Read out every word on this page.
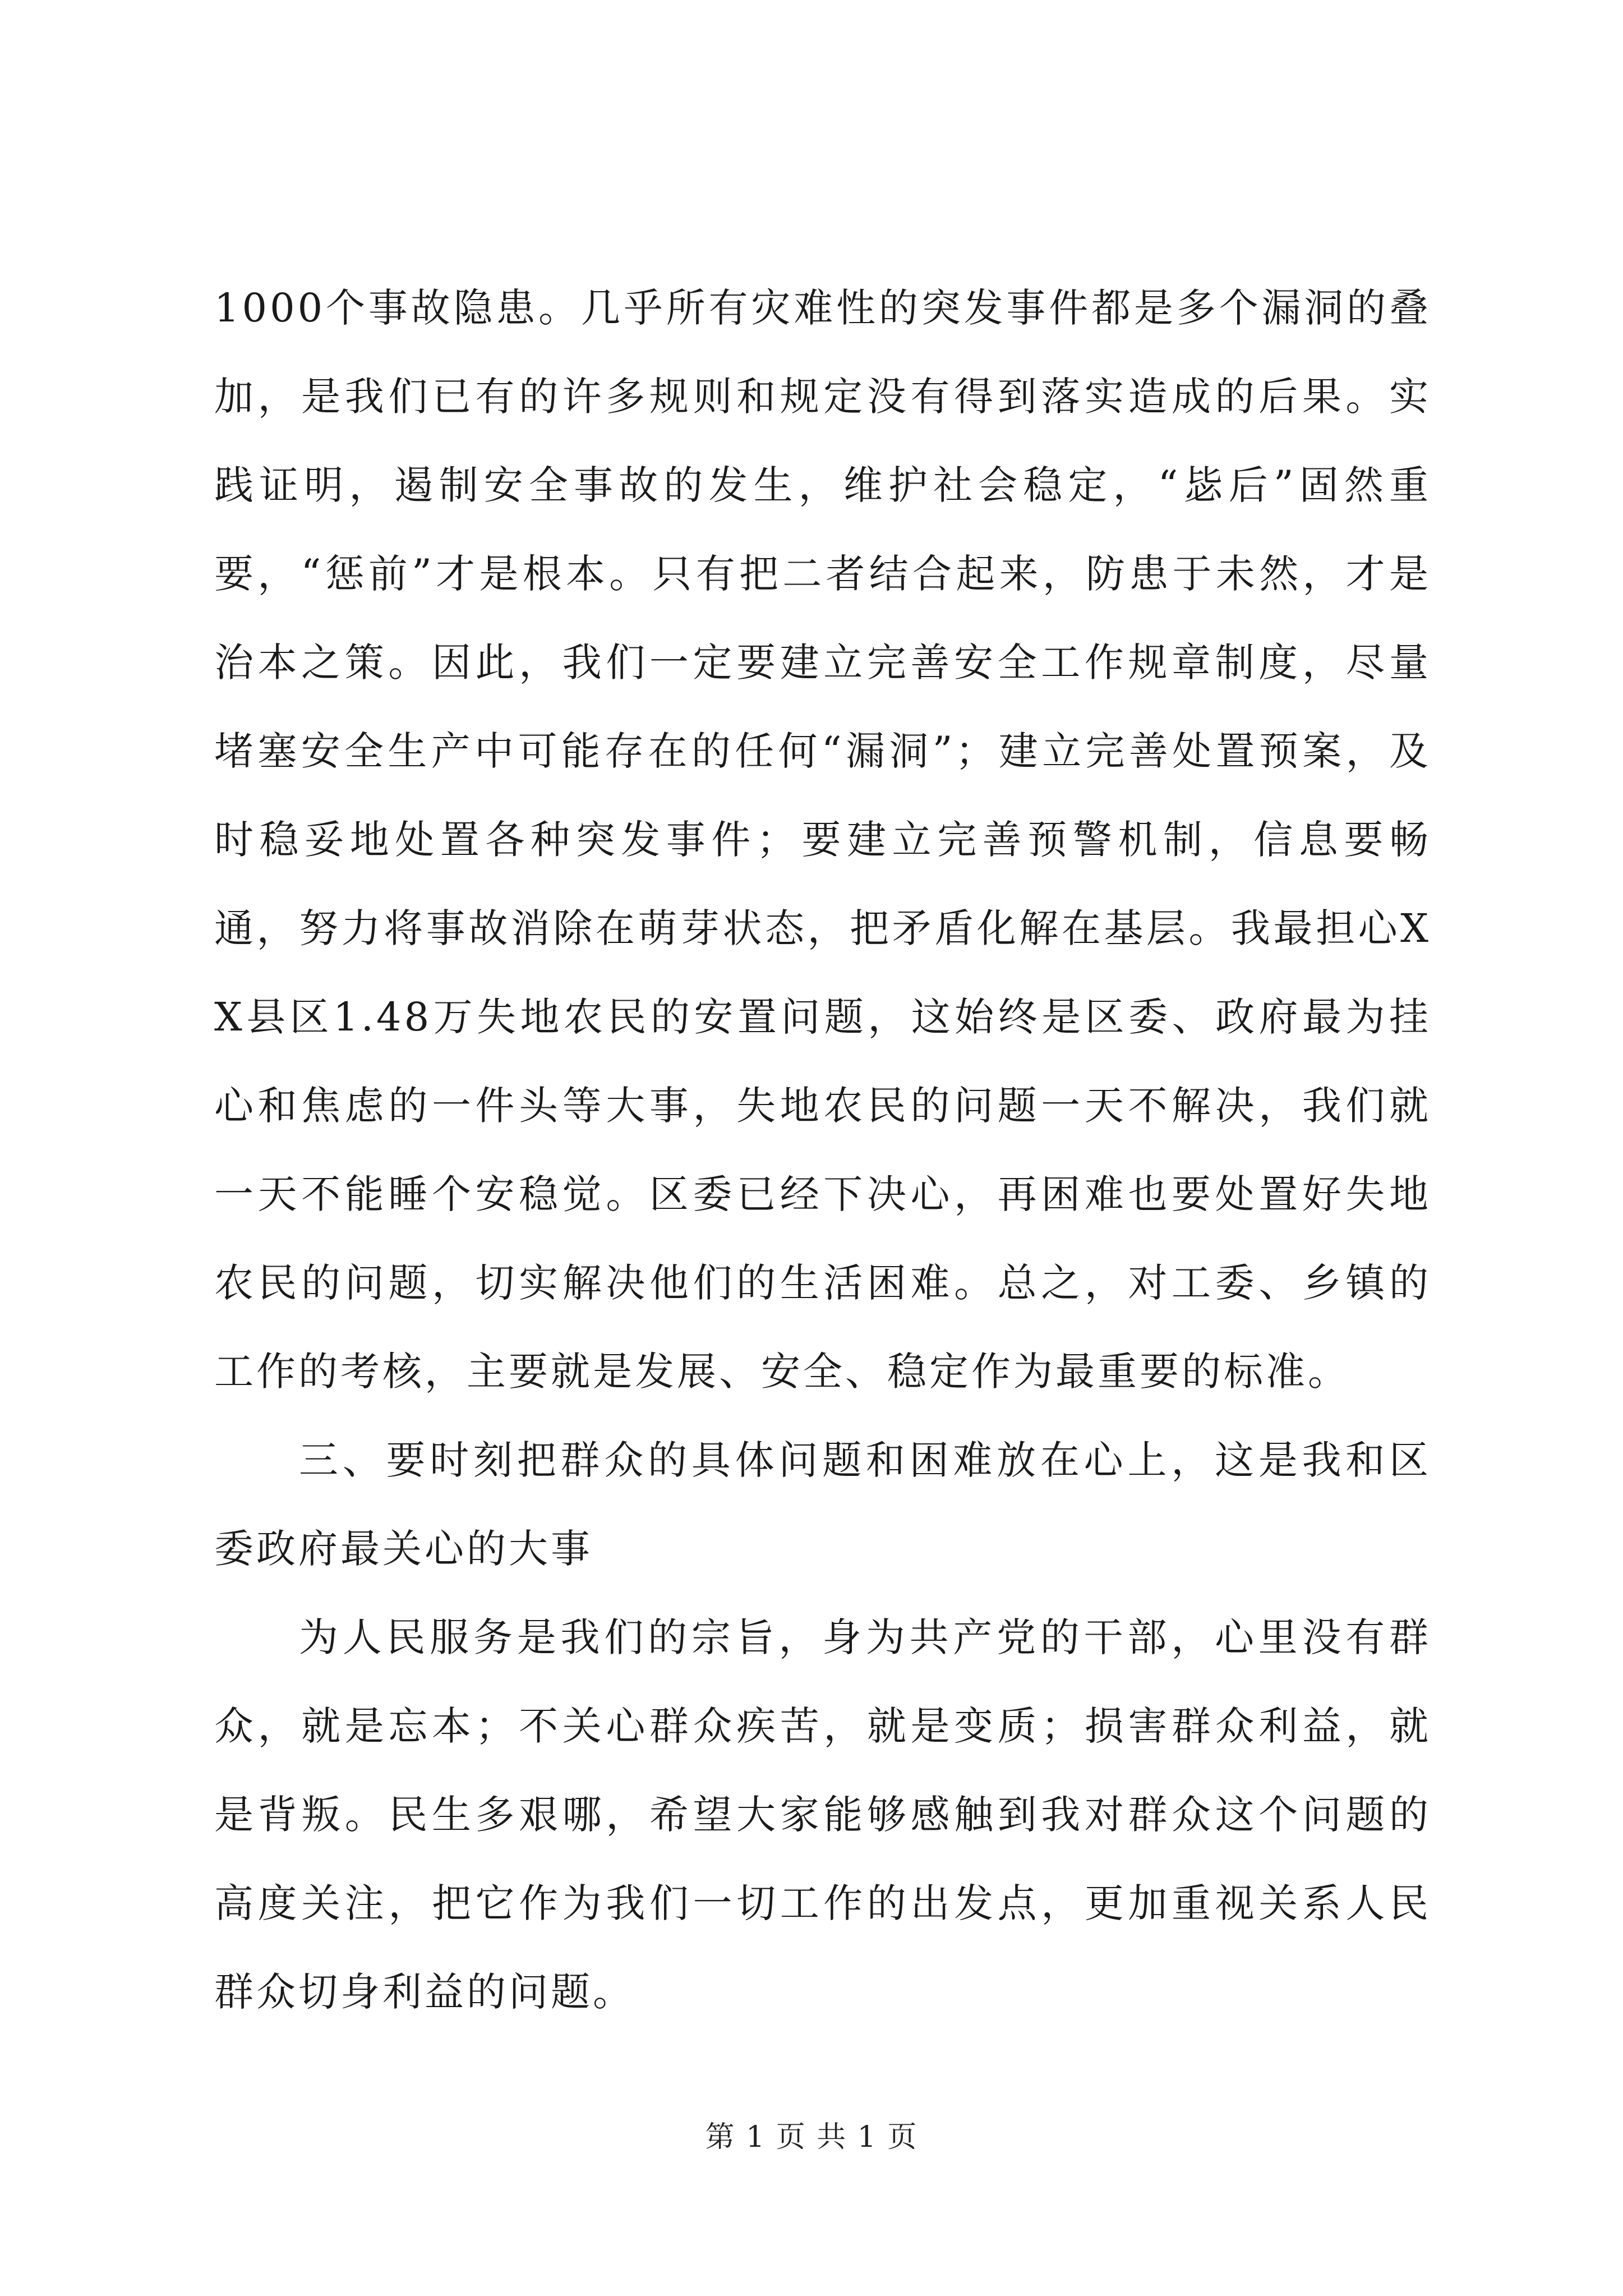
1000个事故隐患。几乎所有灾难性的突发事件都是多个漏洞的叠加，是我们已有的许多规则和规定没有得到落实造成的后果。实践证明，遏制安全事故的发生，维护社会稳定，“毖后”固然重要，“惩前”才是根本。只有把二者结合起来，防患于未然，才是治本之策。因此，我们一定要建立完善安全工作规章制度，尽量堵塞安全生产中可能存在的任何“漏洞”；建立完善处置预案，及时稳妥地处置各种突发事件；要建立完善预警机制，信息要畅通，努力将事故消除在萌芽状态，把矛盾化解在基层。我最担心XX县区1.48万失地农民的安置问题，这始终是区委、政府最为挂心和焦虑的一件头等大事，失地农民的问题一天不解决，我们就一天不能睡个安稳觉。区委已经下决心，再困难也要处置好失地农民的问题，切实解决他们的生活困难。总之，对工委、乡镇的工作的考核，主要就是发展、安全、稳定作为最重要的标准。

三、要时刻把群众的具体问题和困难放在心上，这是我和区委政府最关心的大事

为人民服务是我们的宗旨，身为共产党的干部，心里没有群众，就是忘本；不关心群众疾苦，就是变质；损害群众利益，就是背叛。民生多艰哪，希望大家能够感触到我对群众这个问题的高度关注，把它作为我们一切工作的出发点，更加重视关系人民群众切身利益的问题。

第 1 页 共 1 页
